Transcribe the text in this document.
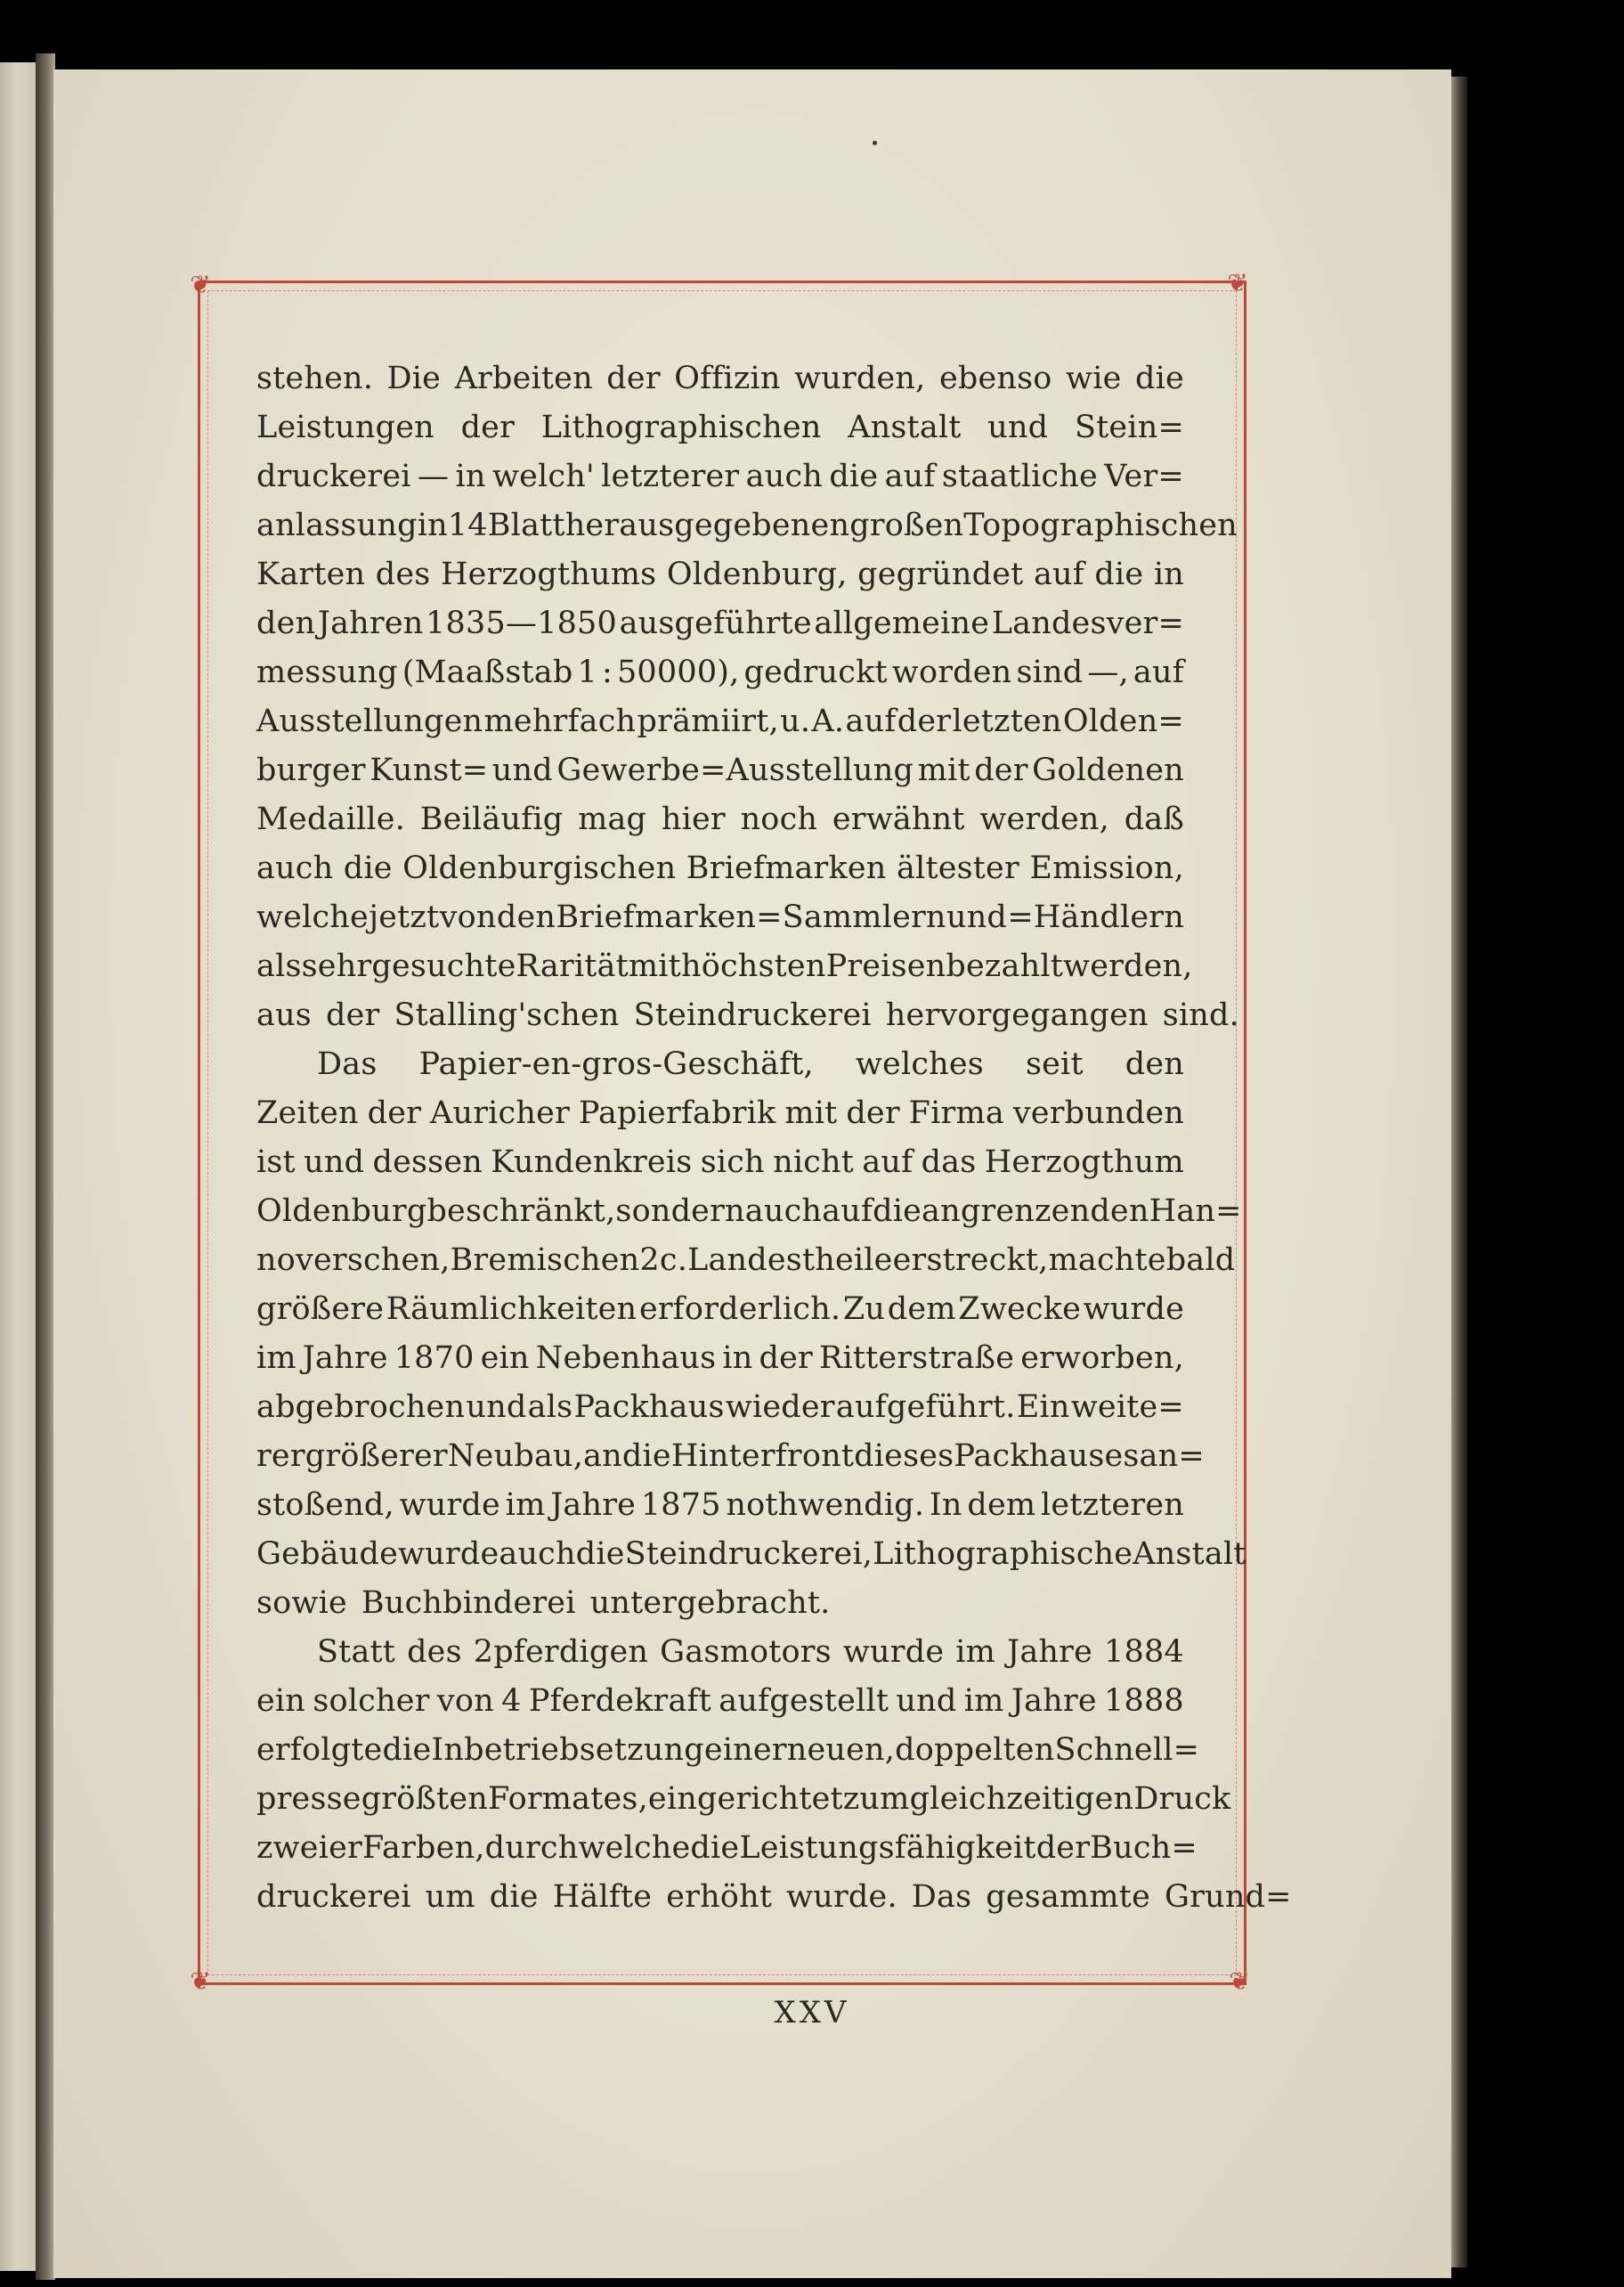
❦	❦
❦	❦
stehen. Die Arbeiten der Offizin wurden, ebenso wie die
Leistungen der Lithographischen Anstalt und Stein=
druckerei — in welch' letzterer auch die auf staatliche Ver=
anlassung in 14 Blatt herausgegebenen großen Topographischen
Karten des Herzogthums Oldenburg, gegründet auf die in
den Jahren 1835—1850 ausgeführte allgemeine Landesver=
messung (Maaßstab 1 : 50000), gedruckt worden sind —, auf
Ausstellungen mehrfach prämiirt, u. A. auf der letzten Olden=
burger Kunst= und Gewerbe=Ausstellung mit der Goldenen
Medaille. Beiläufig mag hier noch erwähnt werden, daß
auch die Oldenburgischen Briefmarken ältester Emission,
welche jetzt von den Briefmarken=Sammlern und =Händlern
als sehr gesuchte Rarität mit höchsten Preisen bezahlt werden,
aus der Stalling'schen Steindruckerei hervorgegangen sind.
Das Papier-en-gros-Geschäft, welches seit den
Zeiten der Auricher Papierfabrik mit der Firma verbunden
ist und dessen Kundenkreis sich nicht auf das Herzogthum
Oldenburg beschränkt, sondern auch auf die angrenzenden Han=
noverschen, Bremischen 2c. Landestheile erstreckt, machte bald
größere Räumlichkeiten erforderlich. Zu dem Zwecke wurde
im Jahre 1870 ein Nebenhaus in der Ritterstraße erworben,
abgebrochen und als Packhaus wieder aufgeführt. Ein weite=
rer größerer Neubau, an die Hinterfront dieses Packhauses an=
stoßend, wurde im Jahre 1875 nothwendig. In dem letzteren
Gebäude wurde auch die Steindruckerei, Lithographische Anstalt
sowie Buchbinderei untergebracht.
Statt des 2pferdigen Gasmotors wurde im Jahre 1884
ein solcher von 4 Pferdekraft aufgestellt und im Jahre 1888
erfolgte die Inbetriebsetzung einer neuen, doppelten Schnell=
presse größten Formates, eingerichtet zum gleichzeitigen Druck
zweier Farben, durch welche die Leistungsfähigkeit der Buch=
druckerei um die Hälfte erhöht wurde. Das gesammte Grund=
XXV
